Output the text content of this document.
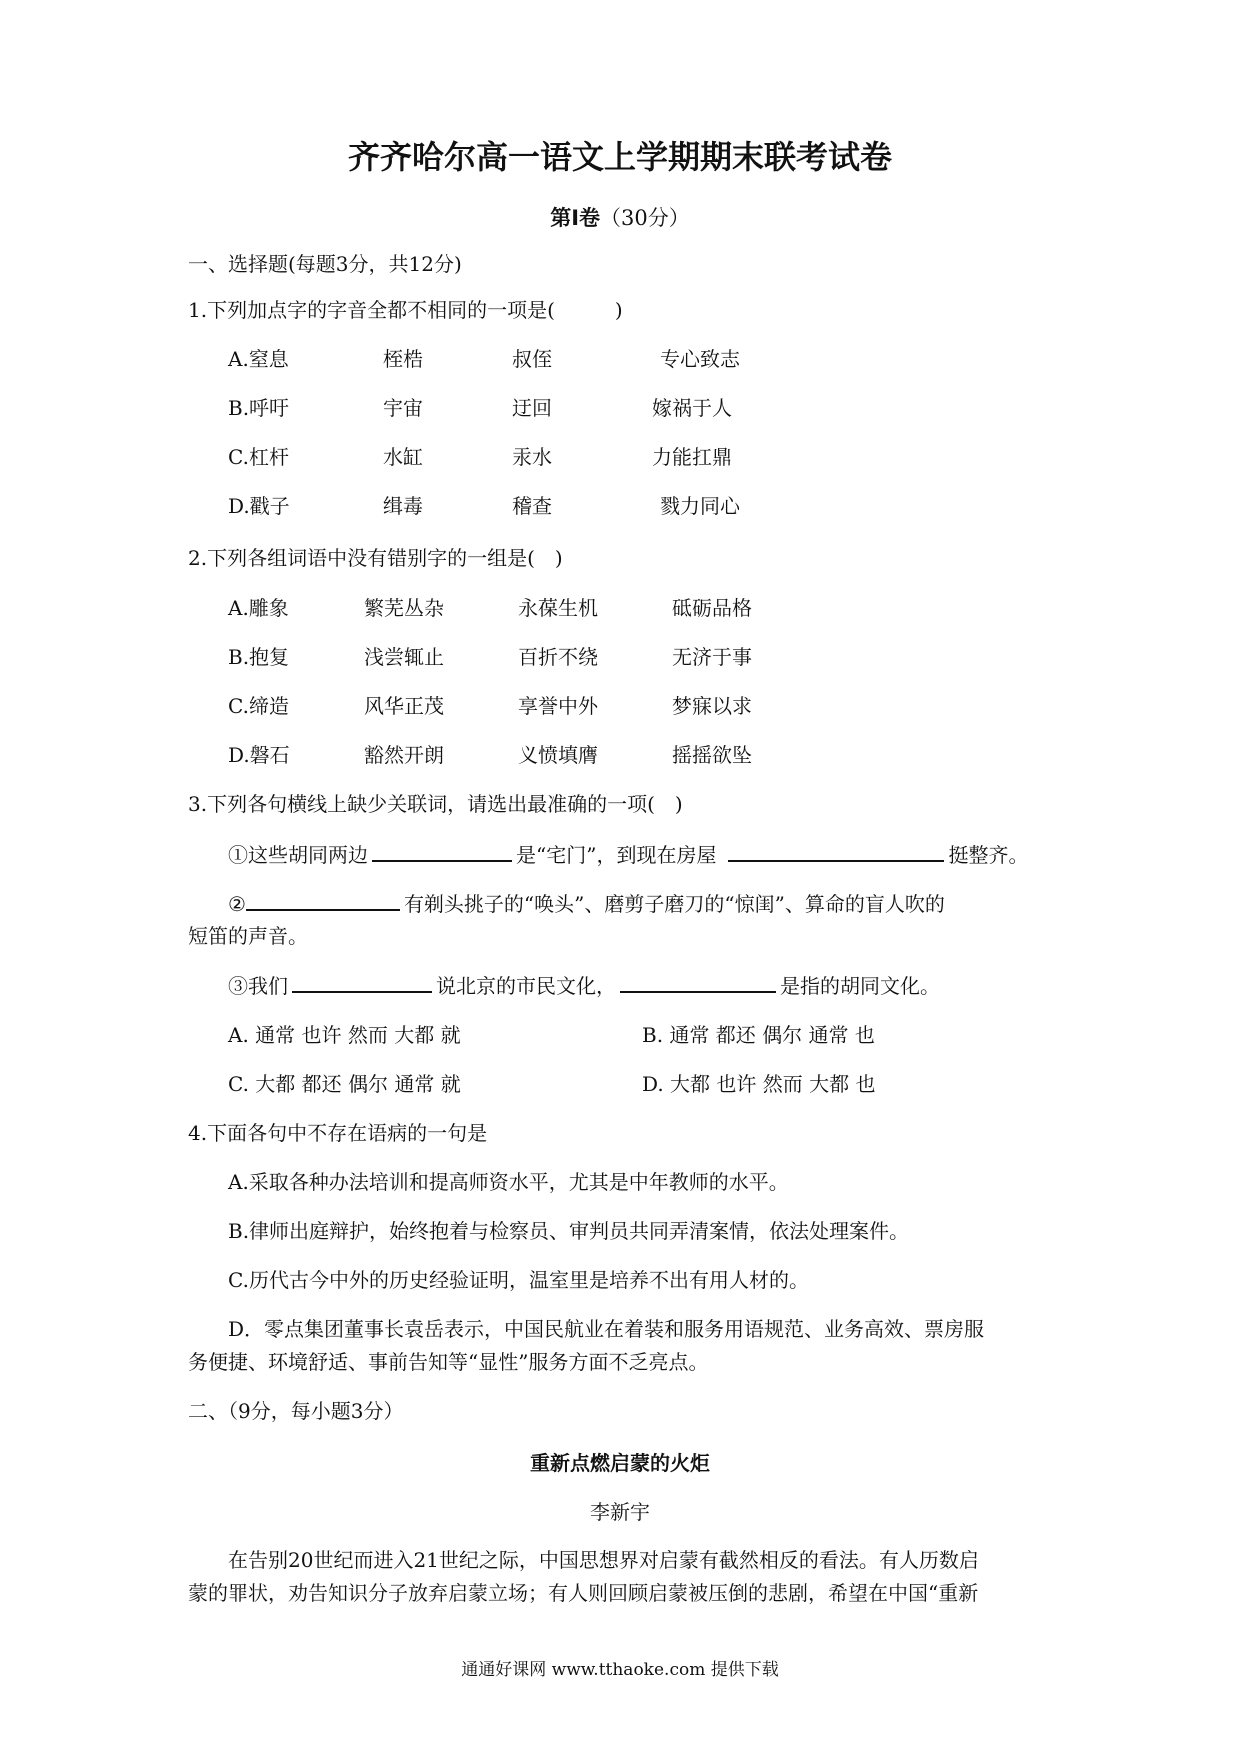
齐齐哈尔高一语文上学期期末联考试卷
第Ⅰ卷（30分）
一、选择题(每题3分，共12分)
1.下列加点字的字音全都不相同的一项是(　　　)
A.窒息	桎梏	叔侄	专心致志
B.呼吁	宇宙	迂回	嫁祸于人
C.杠杆	水缸	汞水	力能扛鼎
D.戳子	缉毒	稽查	戮力同心
2.下列各组词语中没有错别字的一组是(　)
A.雕象	繁芜丛杂	永葆生机	砥砺品格
B.抱复	浅尝辄止	百折不绕	无济于事
C.缔造	风华正茂	享誉中外	梦寐以求
D.磐石	豁然开朗	义愤填膺	摇摇欲坠
3.下列各句横线上缺少关联词，请选出最准确的一项(　)
①这些胡同两边	是“宅门”，到现在房屋	挺整齐。
②	有剃头挑子的“唤头”、磨剪子磨刀的“惊闺”、算命的盲人吹的
短笛的声音。
③我们	说北京的市民文化，	是指的胡同文化。
A. 通常 也许 然而 大都 就	B. 通常 都还 偶尔 通常 也
C. 大都 都还 偶尔 通常 就	D. 大都 也许 然而 大都 也
4.下面各句中不存在语病的一句是
A.采取各种办法培训和提高师资水平，尤其是中年教师的水平。
B.律师出庭辩护，始终抱着与检察员、审判员共同弄清案情，依法处理案件。
C.历代古今中外的历史经验证明，温室里是培养不出有用人材的。
D．零点集团董事长袁岳表示，中国民航业在着装和服务用语规范、业务高效、票房服
务便捷、环境舒适、事前告知等“显性”服务方面不乏亮点。
二、（9分，每小题3分）
重新点燃启蒙的火炬
李新宇
在告别20世纪而进入21世纪之际，中国思想界对启蒙有截然相反的看法。有人历数启
蒙的罪状，劝告知识分子放弃启蒙立场；有人则回顾启蒙被压倒的悲剧，希望在中国“重新
通通好课网 www.tthaoke.com 提供下载
